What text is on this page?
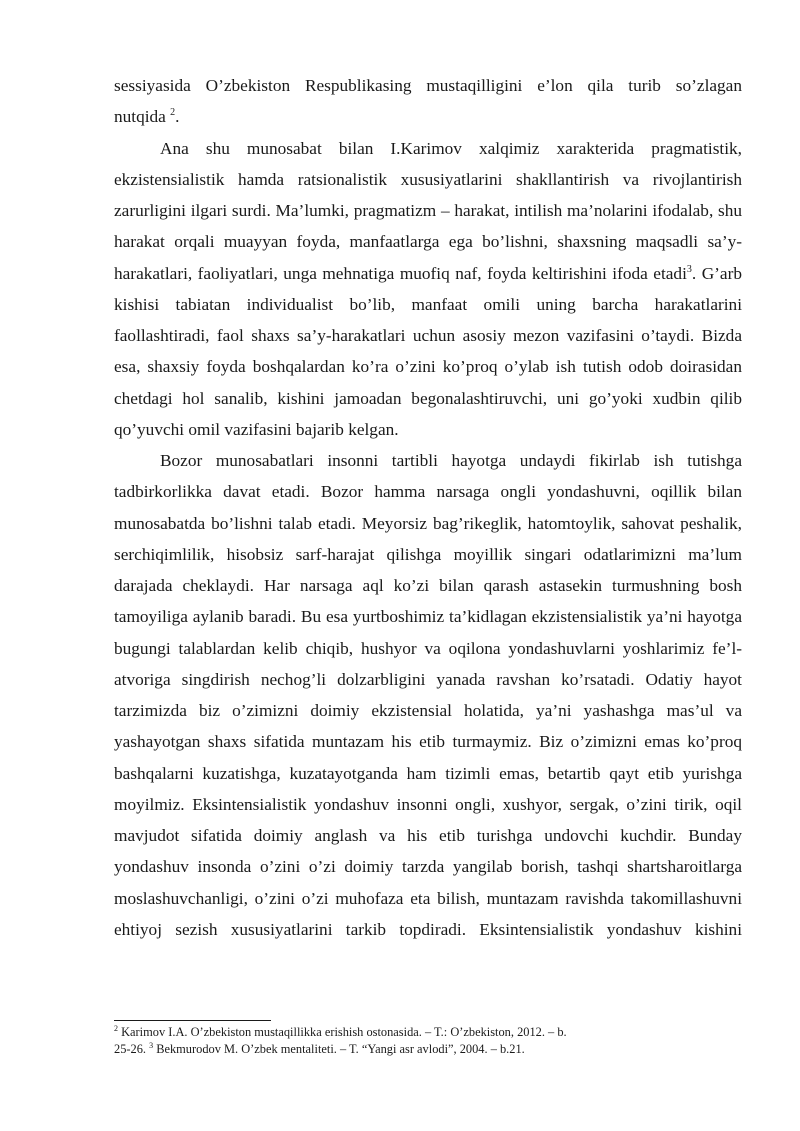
sessiyasida O’zbekiston Respublikasing mustaqilligini e’lon qila turib so’zlagan

nutqida $^2$.

Ana shu munosabat bilan I.Karimov xalqimiz xarakterida pragmatistik, ekzistensialistik hamda ratsionalistik xususiyatlarini shakllantirish va rivojlantirish zarurligini ilgari surdi. Ma’lumki, pragmatizm – harakat, intilish ma’nolarini ifodalab, shu harakat orqali muayyan foyda, manfaatlarga ega bo’lishni, shaxsning maqsadli sa’y-harakatlari, faoliyatlari, unga mehnatiga muofiq naf, foyda keltirishini ifoda etadi$^3$. G’arb kishisi tabiatan individualist bo’lib, manfaat omili uning barcha harakatlarini faollashtiradi, faol shaxs sa’y-harakatlari uchun asosiy mezon vazifasini o’taydi. Bizda esa, shaxsiy foyda boshqalardan ko’ra o’zini ko’proq o’ylab ish tutish odob doirasidan chetdagi hol sanalib, kishini jamoadan begonalashtiruvchi, uni go’yoki xudbin qilib qo’yuvchi omil vazifasini bajarib kelgan.

Bozor munosabatlari insonni tartibli hayotga undaydi fikirlab ish tutishga tadbirkorlikka davat etadi. Bozor hamma narsaga ongli yondashuvni, oqillik bilan munosabatda bo’lishni talab etadi. Meyorsiz bag’rikeglik, hatomtoylik, sahovat peshalik, serchiqimlilik, hisobsiz sarf-harajat qilishga moyillik singari odatlarimizni ma’lum darajada cheklaydi. Har narsaga aql ko’zi bilan qarash astasekin turmushning bosh tamoyiliga aylanib baradi. Bu esa yurtboshimiz ta’kidlagan ekzistensialistik ya’ni hayotga bugungi talablardan kelib chiqib, hushyor va oqilona yondashuvlarni yoshlarimiz fe’l-atvoriga singdirish nechog’li dolzarbligini yanada ravshan ko’rsatadi. Odatiy hayot tarzimizda biz o’zimizni doimiy ekzistensial holatida, ya’ni yashashga mas’ul va yashayotgan shaxs sifatida muntazam his etib turmaymiz. Biz o’zimizni emas ko’proq bashqalarni kuzatishga, kuzatayotganda ham tizimli emas, betartib qayt etib yurishga moyilmiz. Eksintensialistik yondashuv insonni ongli, xushyor, sergak, o’zini tirik, oqil mavjudot sifatida doimiy anglash va his etib turishga undovchi kuchdir. Bunday yondashuv insonda o’zini o’zi doimiy tarzda yangilab borish, tashqi shartsharoitlarga moslashuvchanligi, o’zini o’zi muhofaza eta bilish, muntazam ravishda takomillashuvni ehtiyoj sezish xususiyatlarini tarkib topdiradi. Eksintensialistik yondashuv kishini

$^2$ Karimov I.A. O’zbekiston mustaqillikka erishish ostonasida. – T.: O’zbekiston, 2012. – b.

25-26. $^3$ Bekmurodov M. O’zbek mentaliteti. – T. “Yangi asr avlodi”, 2004. – b.21.
